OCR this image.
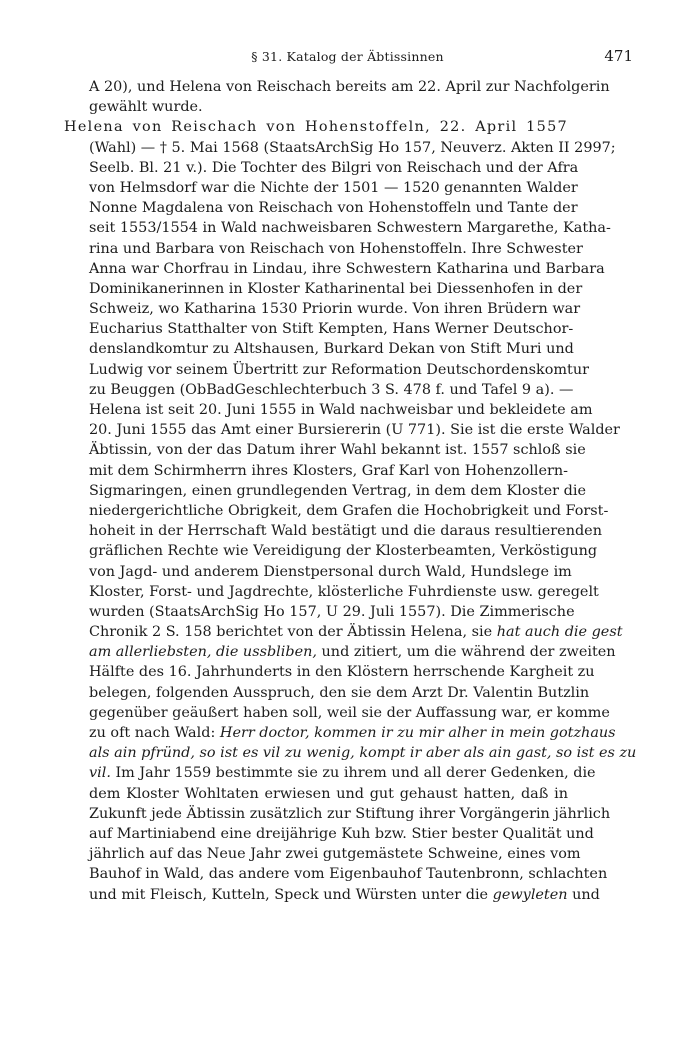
§ 31. Katalog der Äbtissinnen	471
A 20), und Helena von Reischach bereits am 22. April zur Nachfolgerin
gewählt wurde.
Helena von Reischach von Hohenstoffeln, 22. April 1557
(Wahl) — † 5. Mai 1568 (StaatsArchSig Ho 157, Neuverz. Akten II 2997;
Seelb. Bl. 21 v.). Die Tochter des Bilgri von Reischach und der Afra
von Helmsdorf war die Nichte der 1501 — 1520 genannten Walder
Nonne Magdalena von Reischach von Hohenstoffeln und Tante der
seit 1553/1554 in Wald nachweisbaren Schwestern Margarethe, Katha-
rina und Barbara von Reischach von Hohenstoffeln. Ihre Schwester
Anna war Chorfrau in Lindau, ihre Schwestern Katharina und Barbara
Dominikanerinnen in Kloster Katharinental bei Diessenhofen in der
Schweiz, wo Katharina 1530 Priorin wurde. Von ihren Brüdern war
Eucharius Statthalter von Stift Kempten, Hans Werner Deutschor-
denslandkomtur zu Altshausen, Burkard Dekan von Stift Muri und
Ludwig vor seinem Übertritt zur Reformation Deutschordenskomtur
zu Beuggen (ObBadGeschlechterbuch 3 S. 478 f. und Tafel 9 a). —
Helena ist seit 20. Juni 1555 in Wald nachweisbar und bekleidete am
20. Juni 1555 das Amt einer Bursiererin (U 771). Sie ist die erste Walder
Äbtissin, von der das Datum ihrer Wahl bekannt ist. 1557 schloß sie
mit dem Schirmherrn ihres Klosters, Graf Karl von Hohenzollern-
Sigmaringen, einen grundlegenden Vertrag, in dem dem Kloster die
niedergerichtliche Obrigkeit, dem Grafen die Hochobrigkeit und Forst-
hoheit in der Herrschaft Wald bestätigt und die daraus resultierenden
gräflichen Rechte wie Vereidigung der Klosterbeamten, Verköstigung
von Jagd- und anderem Dienstpersonal durch Wald, Hundslege im
Kloster, Forst- und Jagdrechte, klösterliche Fuhrdienste usw. geregelt
wurden (StaatsArchSig Ho 157, U 29. Juli 1557). Die Zimmerische
Chronik 2 S. 158 berichtet von der Äbtissin Helena, sie hat auch die gest
am allerliebsten, die ussbliben, und zitiert, um die während der zweiten
Hälfte des 16. Jahrhunderts in den Klöstern herrschende Kargheit zu
belegen, folgenden Ausspruch, den sie dem Arzt Dr. Valentin Butzlin
gegenüber geäußert haben soll, weil sie der Auffassung war, er komme
zu oft nach Wald: Herr doctor, kommen ir zu mir alher in mein gotzhaus
als ain pfründ, so ist es vil zu wenig, kompt ir aber als ain gast, so ist es zu
vil. Im Jahr 1559 bestimmte sie zu ihrem und all derer Gedenken, die
dem Kloster Wohltaten erwiesen und gut gehaust hatten, daß in
Zukunft jede Äbtissin zusätzlich zur Stiftung ihrer Vorgängerin jährlich
auf Martiniabend eine dreijährige Kuh bzw. Stier bester Qualität und
jährlich auf das Neue Jahr zwei gutgemästete Schweine, eines vom
Bauhof in Wald, das andere vom Eigenbauhof Tautenbronn, schlachten
und mit Fleisch, Kutteln, Speck und Würsten unter die gewyleten und
